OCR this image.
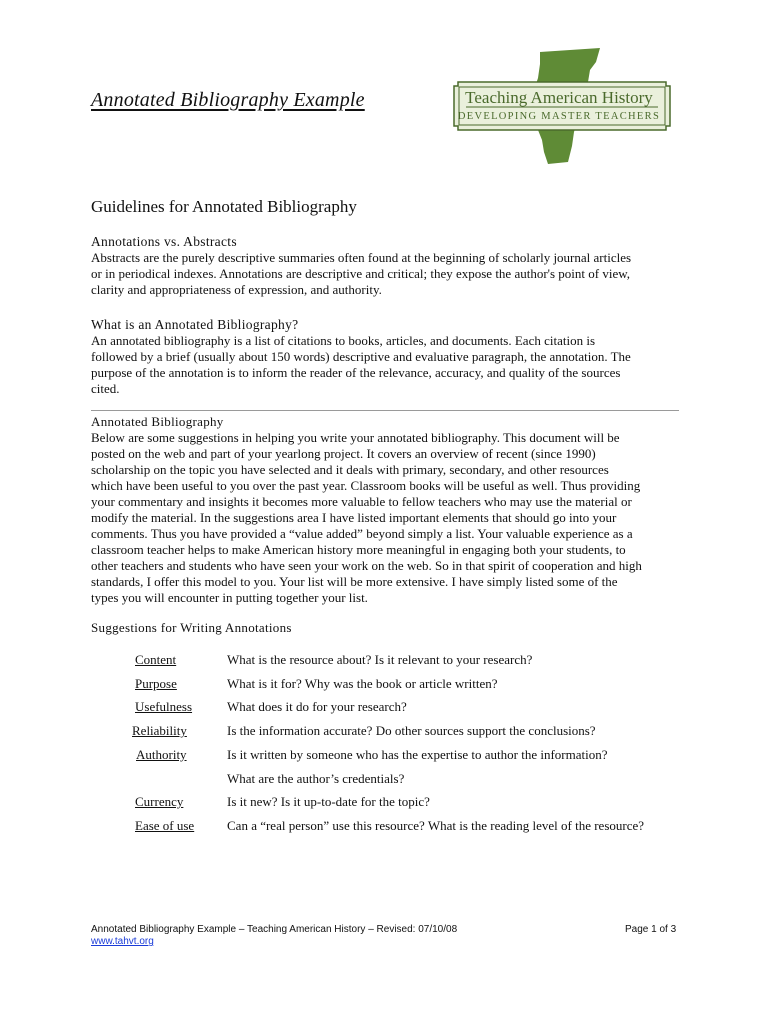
Annotated Bibliography Example	Teaching American History
DEVELOPING MASTER TEACHERS
Guidelines for Annotated Bibliography
Annotations vs. Abstracts
Abstracts are the purely descriptive summaries often found at the beginning of scholarly journal articles
or in periodical indexes. Annotations are descriptive and critical; they expose the author's point of view,
clarity and appropriateness of expression, and authority.
What is an Annotated Bibliography?
An annotated bibliography is a list of citations to books, articles, and documents. Each citation is
followed by a brief (usually about 150 words) descriptive and evaluative paragraph, the annotation. The
purpose of the annotation is to inform the reader of the relevance, accuracy, and quality of the sources
cited.
Annotated Bibliography
Below are some suggestions in helping you write your annotated bibliography. This document will be
posted on the web and part of your yearlong project. It covers an overview of recent (since 1990)
scholarship on the topic you have selected and it deals with primary, secondary, and other resources
which have been useful to you over the past year. Classroom books will be useful as well. Thus providing
your commentary and insights it becomes more valuable to fellow teachers who may use the material or
modify the material. In the suggestions area I have listed important elements that should go into your
comments. Thus you have provided a “value added” beyond simply a list. Your valuable experience as a
classroom teacher helps to make American history more meaningful in engaging both your students, to
other teachers and students who have seen your work on the web. So in that spirit of cooperation and high
standards, I offer this model to you. Your list will be more extensive. I have simply listed some of the
types you will encounter in putting together your list.
Suggestions for Writing Annotations
Content	What is the resource about? Is it relevant to your research?
Purpose	What is it for? Why was the book or article written?
Usefulness	What does it do for your research?
Reliability	Is the information accurate? Do other sources support the conclusions?
Authority	Is it written by someone who has the expertise to author the information?
What are the author’s credentials?
Currency	Is it new? Is it up-to-date for the topic?
Ease of use	Can a “real person” use this resource? What is the reading level of the resource?
Annotated Bibliography Example – Teaching American History – Revised: 07/10/08
www.tahvt.org
Page 1 of 3
